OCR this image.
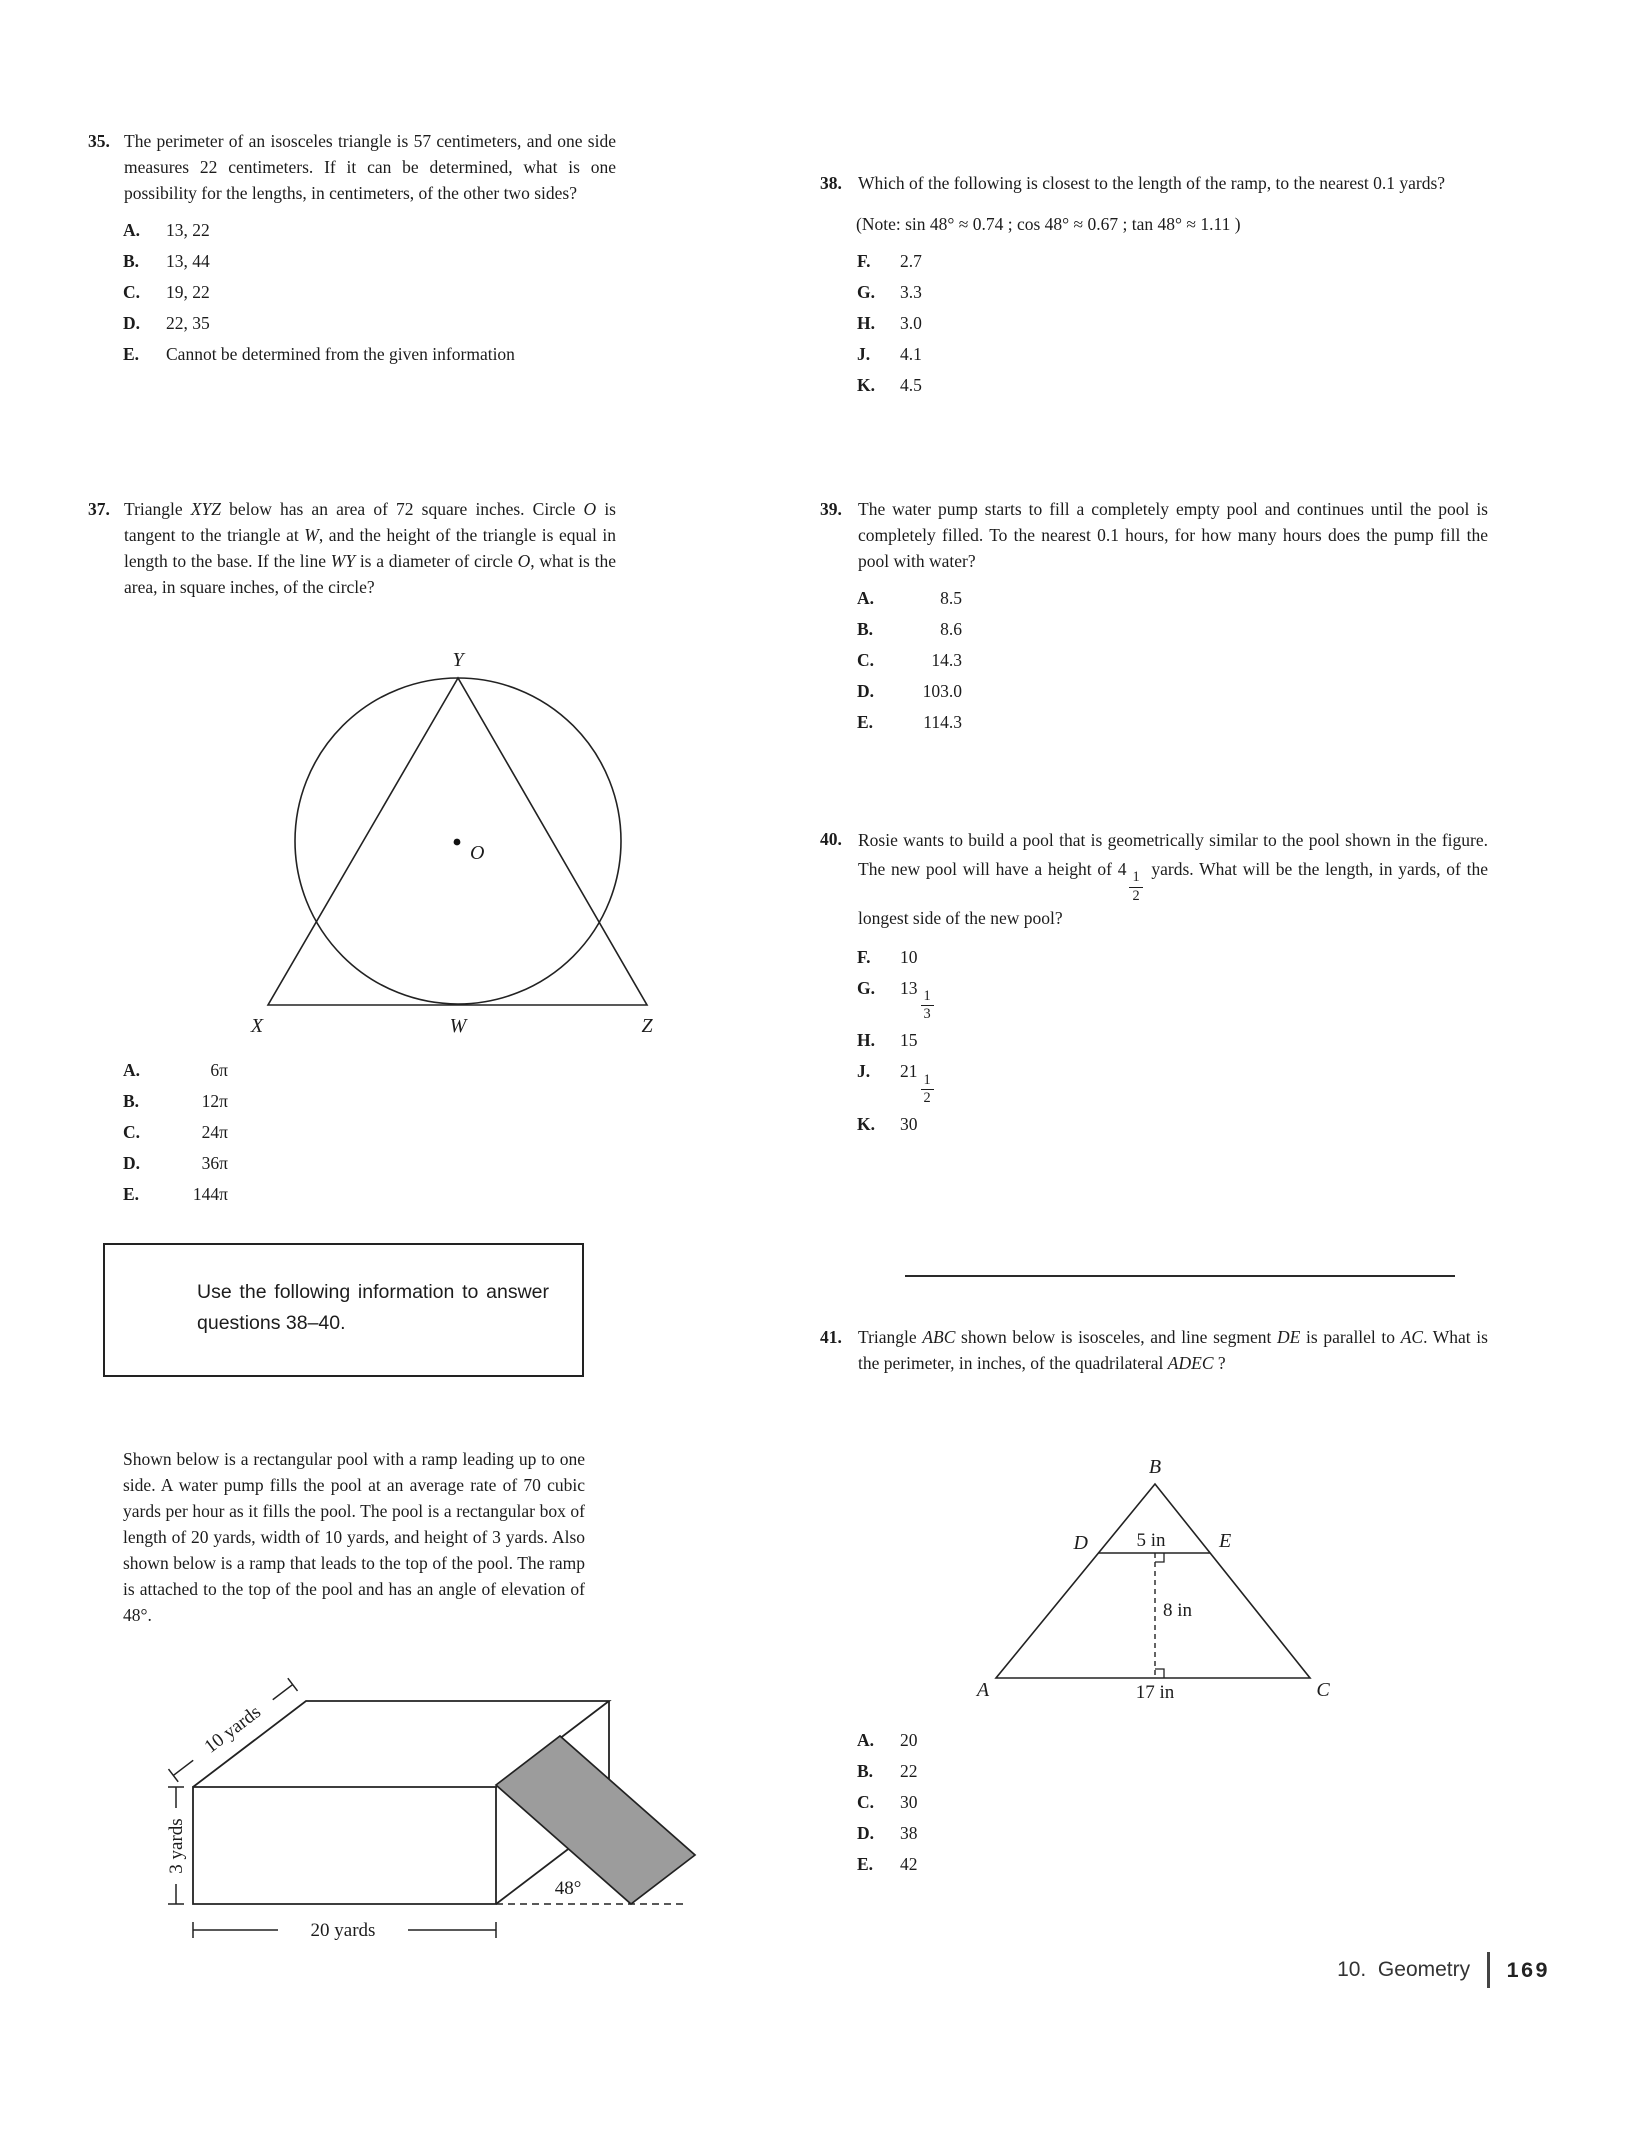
35. The perimeter of an isosceles triangle is 57 centimeters, and one side measures 22 centimeters. If it can be determined, what is one possibility for the lengths, in centimeters, of the other two sides?
A.	13, 22
B.	13, 44
C.	19, 22
D.	22, 35
E.	Cannot be determined from the given information
37. Triangle XYZ below has an area of 72 square inches. Circle O is tangent to the triangle at W, and the height of the triangle is equal in length to the base. If the line WY is a diameter of circle O, what is the area, in square inches, of the circle?
Y
O
X	W	Z
A.	6π
B.	12π
C.	24π
D.	36π
E.	144π
Use the following information to answer questions 38–40.
Shown below is a rectangular pool with a ramp leading up to one side. A water pump fills the pool at an average rate of 70 cubic yards per hour as it fills the pool. The pool is a rectangular box of length of 20 yards, width of 10 yards, and height of 3 yards. Also shown below is a ramp that leads to the top of the pool. The ramp is attached to the top of the pool and has an angle of elevation of 48°.
3 yards
20 yards
10 yards
48°
38. Which of the following is closest to the length of the ramp, to the nearest 0.1 yards?
(Note: sin 48° ≈ 0.74 ; cos 48° ≈ 0.67 ; tan 48° ≈ 1.11 )
F.	2.7
G.	3.3
H.	3.0
J.	4.1
K.	4.5
39. The water pump starts to fill a completely empty pool and continues until the pool is completely filled. To the nearest 0.1 hours, for how many hours does the pump fill the pool with water?
A.	8.5
B.	8.6
C.	14.3
D.	103.0
E.	114.3
40. Rosie wants to build a pool that is geometrically similar to the pool shown in the figure. The new pool will have a height of 4
$\frac{1}{2}$
yards. What will be the length, in yards, of the longest side of the new pool?
F.	10
G.	13
$\frac{1}{3}$
H.	15
J.	21
$\frac{1}{2}$
K.	30
41. Triangle ABC shown below is isosceles, and line segment DE is parallel to AC. What is the perimeter, in inches, of the quadrilateral ADEC ?
B
A	C
D	E
5 in
8 in
17 in
A.	20
B.	22
C.	30
D.	38
E.	42
10.  Geometry 169
